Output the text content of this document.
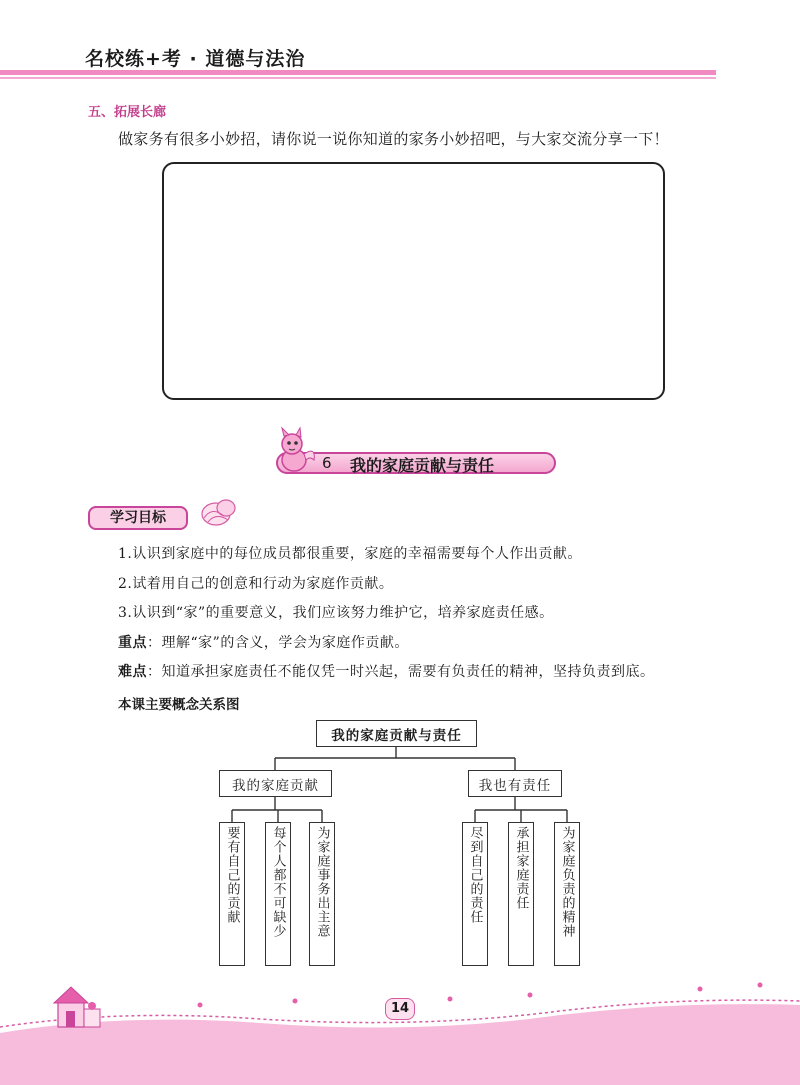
名校练+考 · 道德与法治
五、拓展长廊
做家务有很多小妙招，请你说一说你知道的家务小妙招吧，与大家交流分享一下！
6 我的家庭贡献与责任
学习目标
1.认识到家庭中的每位成员都很重要，家庭的幸福需要每个人作出贡献。
2.试着用自己的创意和行动为家庭作贡献。
3.认识到“家”的重要意义，我们应该努力维护它，培养家庭责任感。
重点：理解“家”的含义，学会为家庭作贡献。
难点：知道承担家庭责任不能仅凭一时兴起，需要有负责任的精神，坚持负责到底。
本课主要概念关系图
我的家庭贡献与责任
我的家庭贡献	我也有责任
要有自己的贡献 每个人都不可缺少 为家庭事务出主意	尽到自己的责任 承担家庭责任 为家庭负责的精神
14
